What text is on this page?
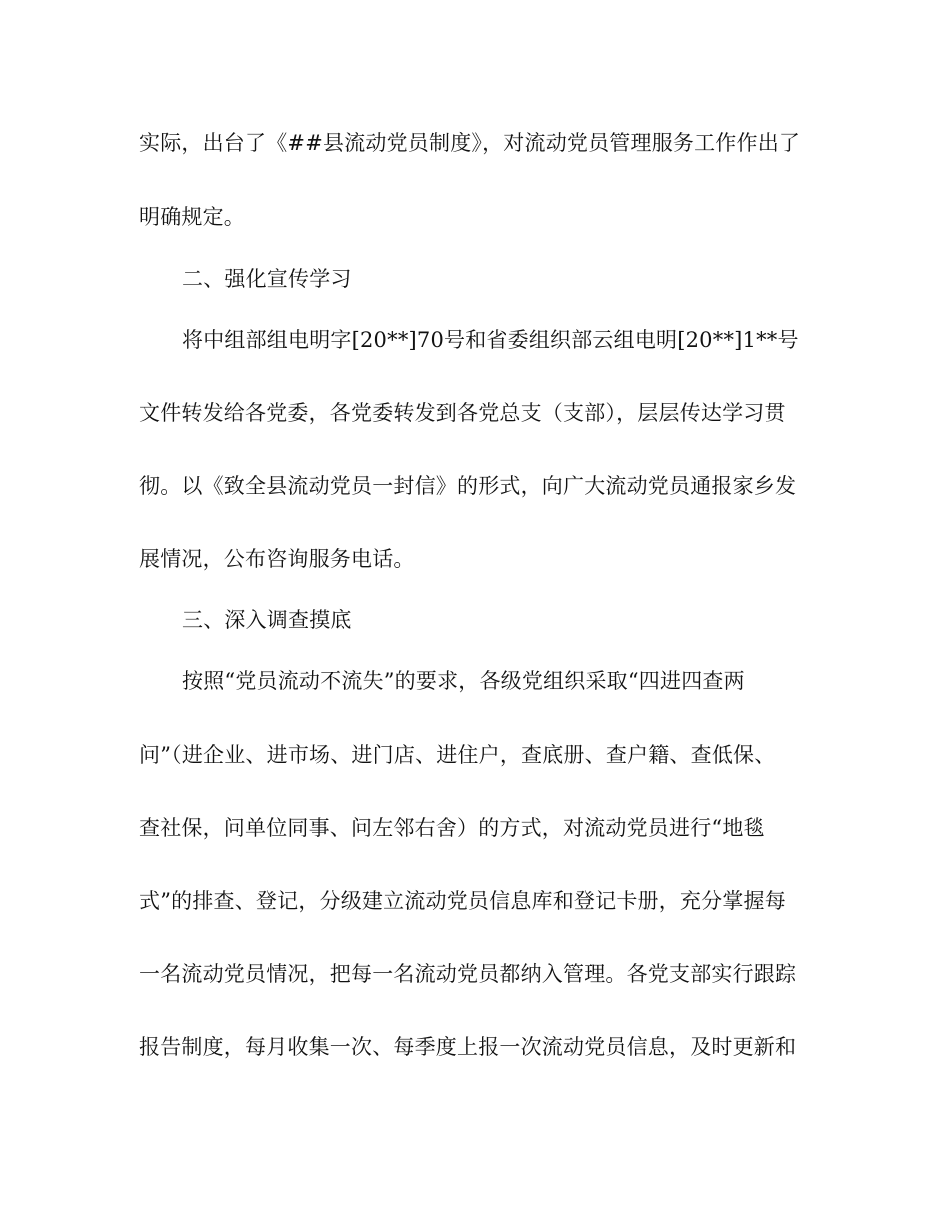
实际，出台了《##县流动党员制度》，对流动党员管理服务工作作出了
明确规定。
二、强化宣传学习
将中组部组电明字[20**]70号和省委组织部云组电明[20**]1**号
文件转发给各党委，各党委转发到各党总支（支部），层层传达学习贯
彻。以《致全县流动党员一封信》的形式，向广大流动党员通报家乡发
展情况，公布咨询服务电话。
三、深入调查摸底
按照“党员流动不流失”的要求，各级党组织采取“四进四查两
问”（进企业、进市场、进门店、进住户，查底册、查户籍、查低保、
查社保，问单位同事、问左邻右舍）的方式，对流动党员进行“地毯
式”的排查、登记，分级建立流动党员信息库和登记卡册，充分掌握每
一名流动党员情况，把每一名流动党员都纳入管理。各党支部实行跟踪
报告制度，每月收集一次、每季度上报一次流动党员信息，及时更新和
